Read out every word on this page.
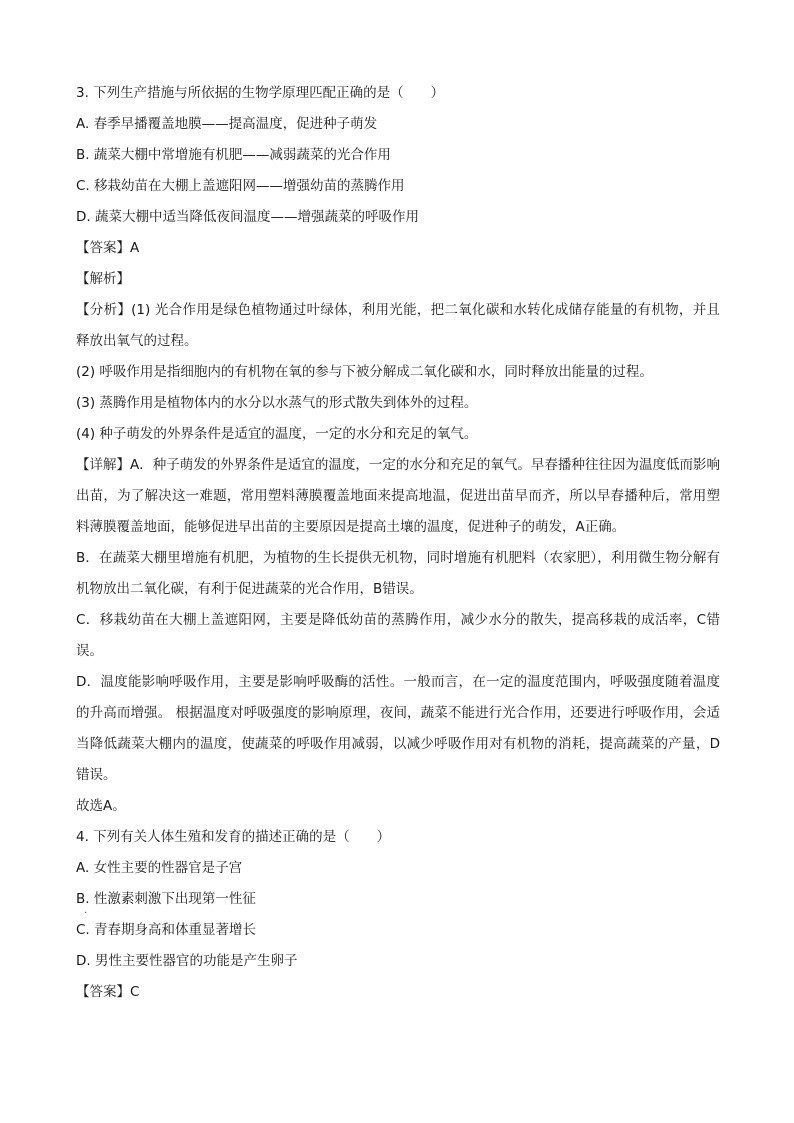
3. 下列生产措施与所依据的生物学原理匹配正确的是（　　）
A. 春季早播覆盖地膜——提高温度，促进种子萌发
B. 蔬菜大棚中常增施有机肥——减弱蔬菜的光合作用
C. 移栽幼苗在大棚上盖遮阳网——增强幼苗的蒸腾作用
D. 蔬菜大棚中适当降低夜间温度——增强蔬菜的呼吸作用
【答案】A
【解析】
【分析】(1) 光合作用是绿色植物通过叶绿体，利用光能，把二氧化碳和水转化成储存能量的有机物，并且释放出氧气的过程。
(2) 呼吸作用是指细胞内的有机物在氧的参与下被分解成二氧化碳和水，同时释放出能量的过程。
(3) 蒸腾作用是植物体内的水分以水蒸气的形式散失到体外的过程。
(4) 种子萌发的外界条件是适宜的温度，一定的水分和充足的氧气。
【详解】A．种子萌发的外界条件是适宜的温度，一定的水分和充足的氧气。早春播种往往因为温度低而影响出苗，为了解决这一难题，常用塑料薄膜覆盖地面来提高地温，促进出苗早而齐，所以早春播种后，常用塑料薄膜覆盖地面，能够促进早出苗的主要原因是提高土壤的温度，促进种子的萌发，A正确。
B．在蔬菜大棚里增施有机肥，为植物的生长提供无机物，同时增施有机肥料（农家肥），利用微生物分解有机物放出二氧化碳，有利于促进蔬菜的光合作用，B错误。
C．移栽幼苗在大棚上盖遮阳网，主要是降低幼苗的蒸腾作用，减少水分的散失，提高移栽的成活率，C错误。
D．温度能影响呼吸作用，主要是影响呼吸酶的活性。一般而言，在一定的温度范围内，呼吸强度随着温度的升高而增强。 根据温度对呼吸强度的影响原理，夜间，蔬菜不能进行光合作用，还要进行呼吸作用，会适当降低蔬菜大棚内的温度，使蔬菜的呼吸作用减弱，以减少呼吸作用对有机物的消耗，提高蔬菜的产量，D错误。
故选A。
4. 下列有关人体生殖和发育的描述正确的是（　　）
A. 女性主要的性器官是子宫
B. 性激素刺激下出现第一性征
·
C. 青春期身高和体重显著增长
D. 男性主要性器官的功能是产生卵子
【答案】C
